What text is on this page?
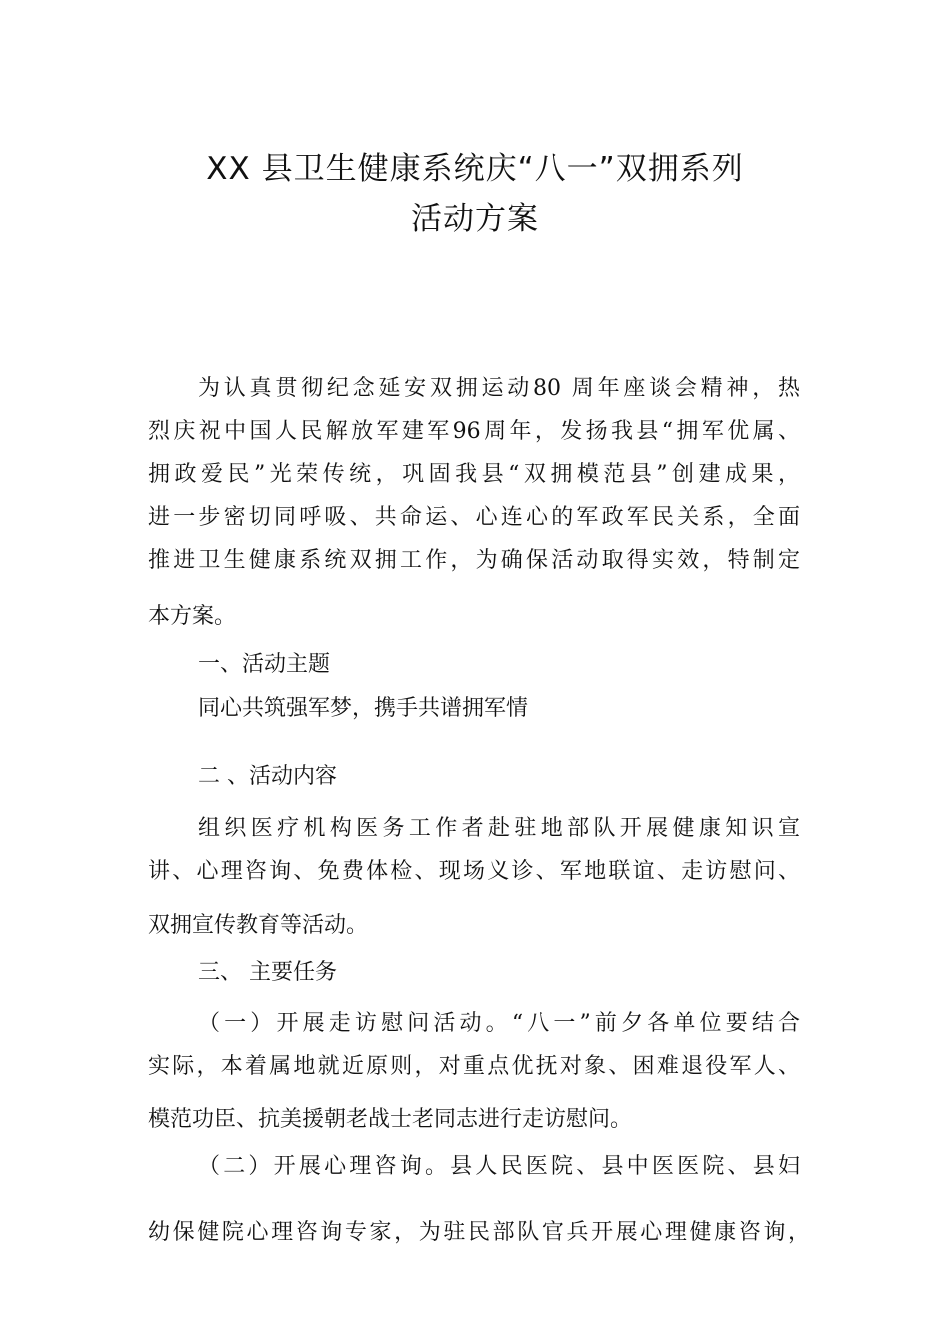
XX 县卫生健康系统庆“八一”双拥系列
活动方案

为认真贯彻纪念延安双拥运动80 周年座谈会精神，热

烈庆祝中国人民解放军建军96周年，发扬我县“拥军优属、

拥政爱民”光荣传统，巩固我县“双拥模范县”创建成果，

进一步密切同呼吸、共命运、心连心的军政军民关系，全面

推进卫生健康系统双拥工作，为确保活动取得实效，特制定

本方案。

一、活动主题

同心共筑强军梦，携手共谱拥军情

二 、活动内容

组织医疗机构医务工作者赴驻地部队开展健康知识宣

讲、心理咨询、免费体检、现场义诊、军地联谊、走访慰问、

双拥宣传教育等活动。

三、 主要任务

（一）开展走访慰问活动。“八一”前夕各单位要结合

实际，本着属地就近原则，对重点优抚对象、困难退役军人、

模范功臣、抗美援朝老战士老同志进行走访慰问。

（二）开展心理咨询。县人民医院、县中医医院、县妇

幼保健院心理咨询专家，为驻民部队官兵开展心理健康咨询，
